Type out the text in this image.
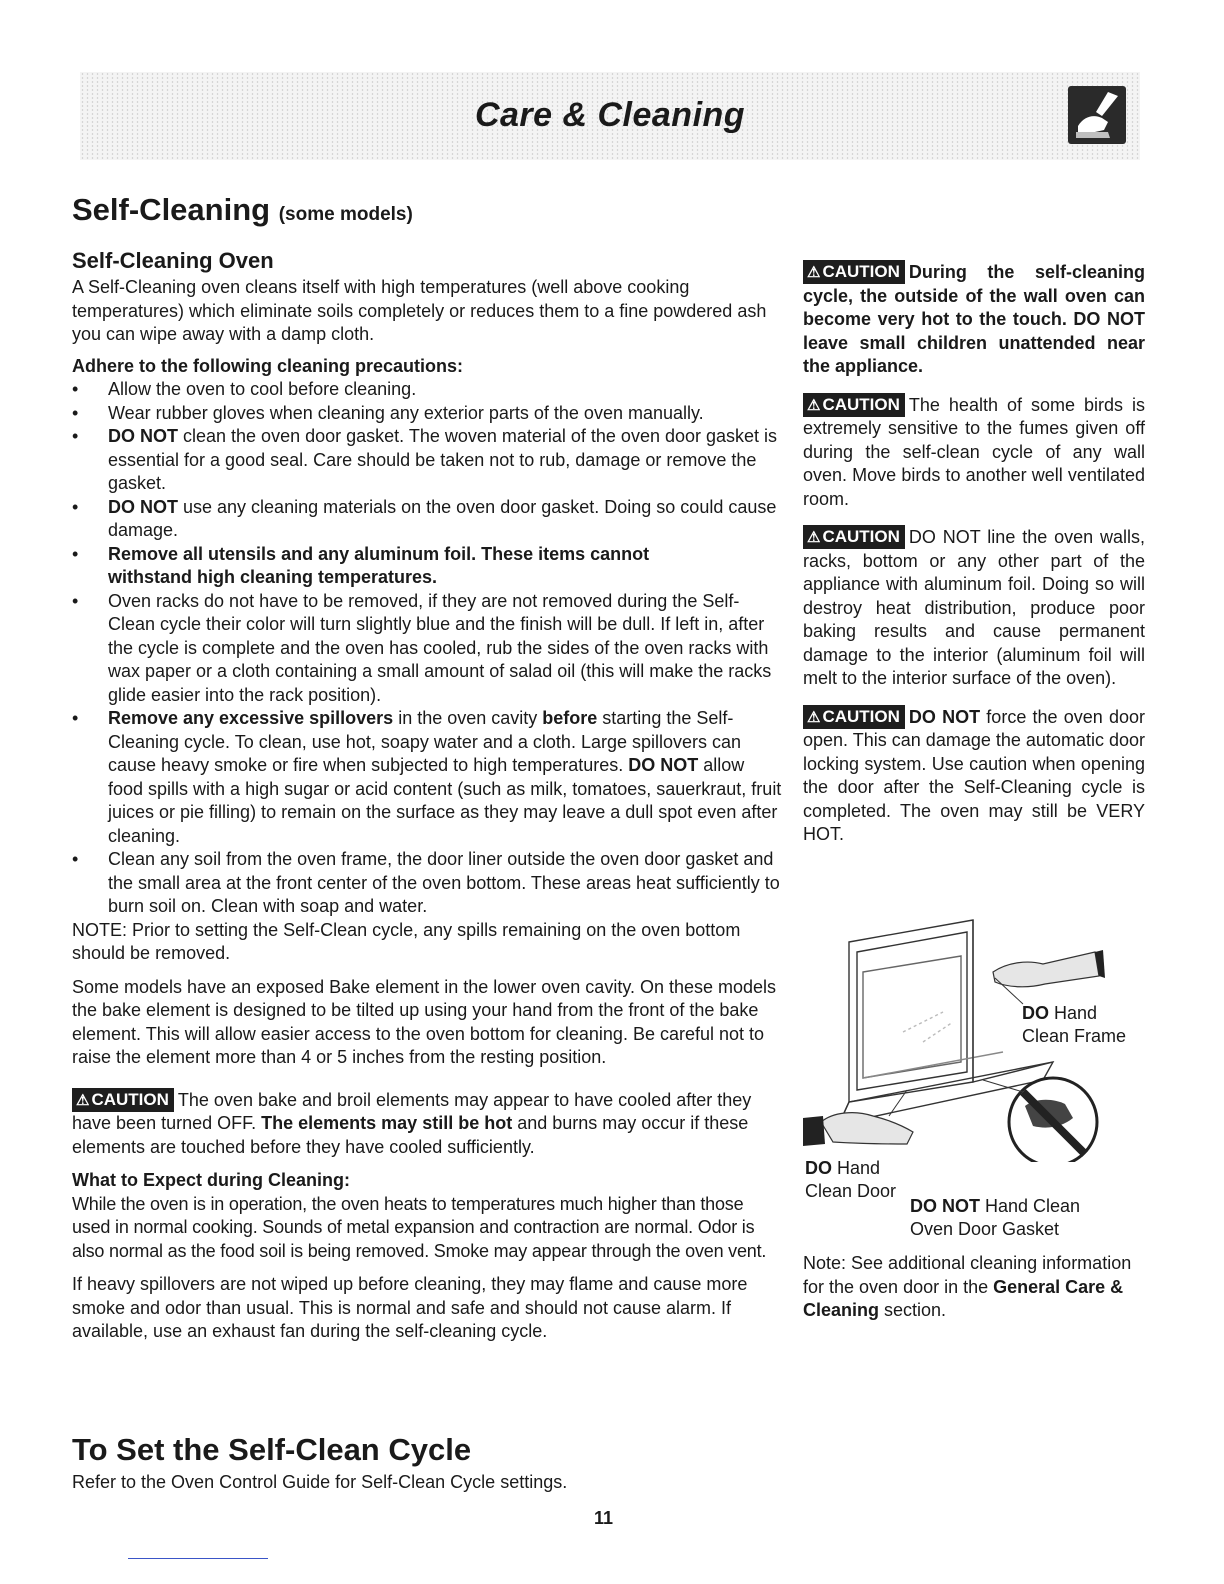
Care & Cleaning
Self-Cleaning (some models)
Self-Cleaning Oven

A Self-Cleaning oven cleans itself with high temperatures (well above cooking temperatures) which eliminate soils completely or reduces them to a fine powdered ash you can wipe away with a damp cloth.

Adhere to the following cleaning precautions:

•	Allow the oven to cool before cleaning.
•	Wear rubber gloves when cleaning any exterior parts of the oven manually.
•	DO NOT clean the oven door gasket. The woven material of the oven door gasket is essential for a good seal. Care should be taken not to rub, damage or remove the gasket.
•	DO NOT use any cleaning materials on the oven door gasket. Doing so could cause damage.
•	Remove all utensils and any aluminum foil. These items cannot withstand high cleaning temperatures.
•	Oven racks do not have to be removed, if they are not removed during the Self-Clean cycle their color will turn slightly blue and the finish will be dull. If left in, after the cycle is complete and the oven has cooled, rub the sides of the oven racks with wax paper or a cloth containing a small amount of salad oil (this will make the racks glide easier into the rack position).
•	Remove any excessive spillovers in the oven cavity before starting the Self-Cleaning cycle. To clean, use hot, soapy water and a cloth. Large spillovers can cause heavy smoke or fire when subjected to high temperatures. DO NOT allow food spills with a high sugar or acid content (such as milk, tomatoes, sauerkraut, fruit juices or pie filling) to remain on the surface as they may leave a dull spot even after cleaning.
•	Clean any soil from the oven frame, the door liner outside the oven door gasket and the small area at the front center of the oven bottom. These areas heat sufficiently to burn soil on. Clean with soap and water.

NOTE: Prior to setting the Self-Clean cycle, any spills remaining on the oven bottom should be removed.

Some models have an exposed Bake element in the lower oven cavity. On these models the bake element is designed to be tilted up using your hand from the front of the bake element. This will allow easier access to the oven bottom for cleaning. Be careful not to raise the element more than 4 or 5 inches from the resting position.

⚠ CAUTION The oven bake and broil elements may appear to have cooled after they have been turned OFF. The elements may still be hot and burns may occur if these elements are touched before they have cooled sufficiently.

What to Expect during Cleaning:

While the oven is in operation, the oven heats to temperatures much higher than those used in normal cooking. Sounds of metal expansion and contraction are normal. Odor is also normal as the food soil is being removed. Smoke may appear through the oven vent.

If heavy spillovers are not wiped up before cleaning, they may flame and cause more smoke and odor than usual. This is normal and safe and should not cause alarm. If available, use an exhaust fan during the self-cleaning cycle.

⚠ CAUTION During the self-cleaning cycle, the outside of the wall oven can become very hot to the touch. DO NOT leave small children unattended near the appliance.

⚠ CAUTION The health of some birds is extremely sensitive to the fumes given off during the self-clean cycle of any wall oven. Move birds to another well ventilated room.

⚠ CAUTION DO NOT line the oven walls, racks, bottom or any other part of the appliance with aluminum foil. Doing so will destroy heat distribution, produce poor baking results and cause permanent damage to the interior (aluminum foil will melt to the interior surface of the oven).

⚠ CAUTION DO NOT force the oven door open. This can damage the automatic door locking system. Use caution when opening the door after the Self-Cleaning cycle is completed. The oven may still be VERY HOT.

DO Hand
Clean Frame
DO Hand
Clean Door
DO NOT Hand Clean
Oven Door Gasket
Note: See additional cleaning information for the oven door in the General Care & Cleaning section.
To Set the Self-Clean Cycle
Refer to the Oven Control Guide for Self-Clean Cycle settings.
11
